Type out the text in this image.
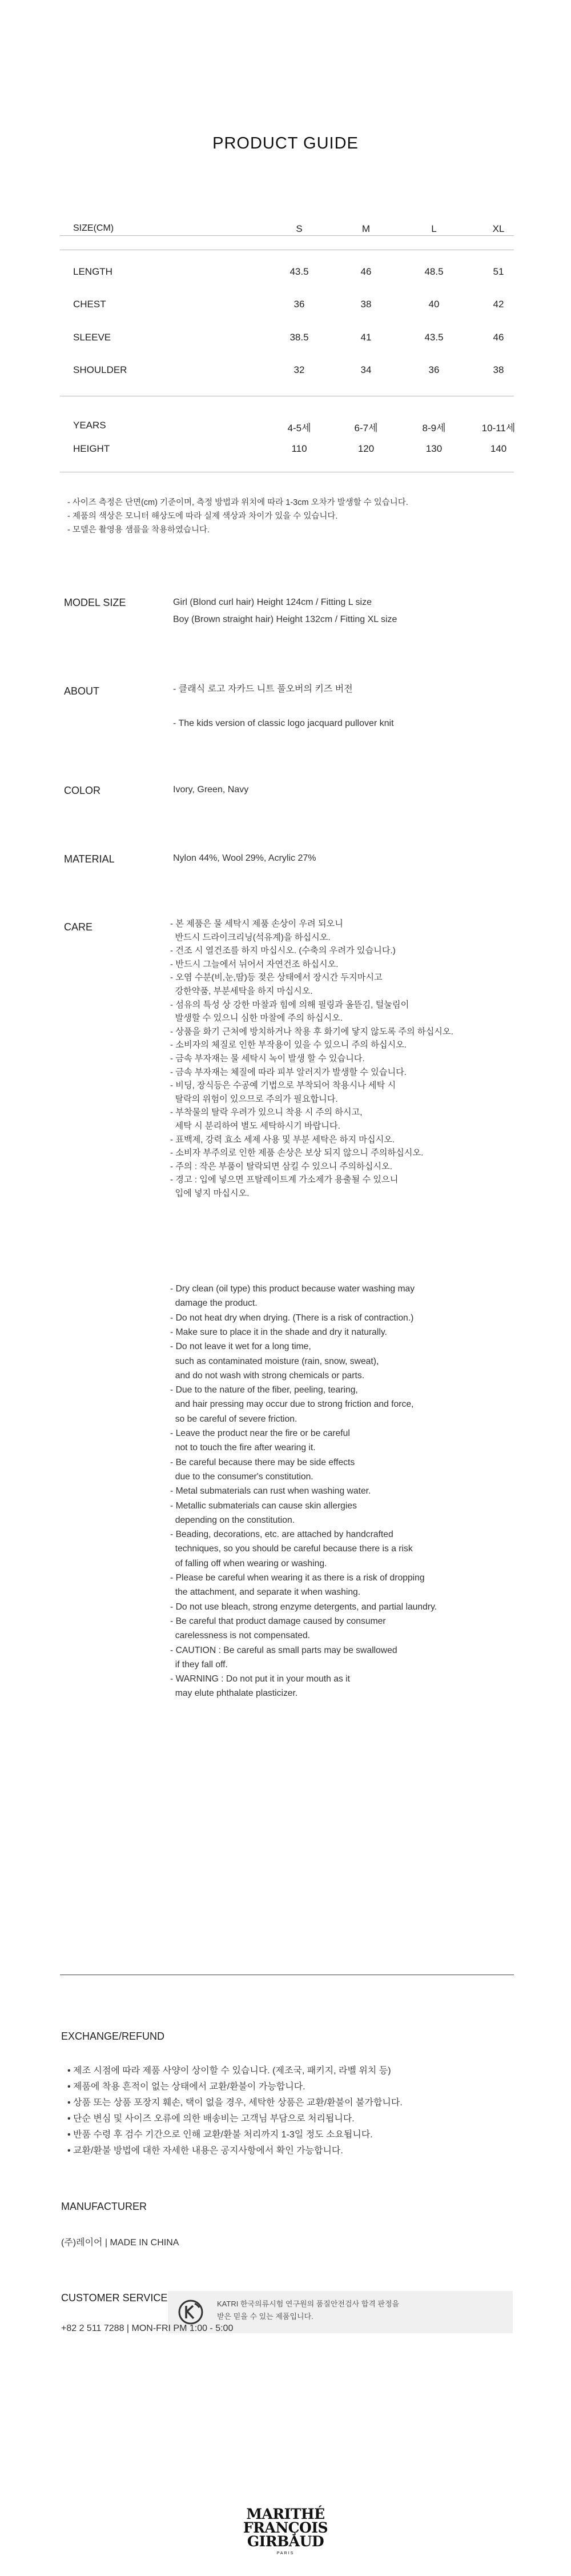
PRODUCT GUIDE
SIZE(CM)	S	M	L	XL
LENGTH	43.5	46	48.5	51
CHEST	36	38	40	42
SLEEVE	38.5	41	43.5	46
SHOULDER	32	34	36	38
YEARS	4-5세	6-7세	8-9세	10-11세
HEIGHT	110	120	130	140
- 사이즈 측정은 단면(cm) 기준이며, 측정 방법과 위치에 따라 1-3cm 오차가 발생할 수 있습니다.
- 제품의 색상은 모니터 해상도에 따라 실제 색상과 차이가 있을 수 있습니다.
- 모델은 촬영용 샘플을 착용하였습니다.
MODEL SIZE	Girl (Blond curl hair) Height 124cm / Fitting L size
Boy (Brown straight hair) Height 132cm / Fitting XL size
ABOUT	- 클래식 로고 자카드 니트 풀오버의 키즈 버전
- The kids version of classic logo jacquard pullover knit
COLOR	Ivory, Green, Navy
MATERIAL	Nylon 44%, Wool 29%, Acrylic 27%
CARE	- 본 제품은 물 세탁시 제품 손상이 우려 되오니
반드시 드라이크리닝(석유계)을 하십시오.
- 건조 시 열건조를 하지 마십시오. (수축의 우려가 있습니다.)
- 반드시 그늘에서 뉘어서 자연건조 하십시오.
- 오염 수분(비,눈,땀)등 젖은 상태에서 장시간 두지마시고
강한약품, 부분세탁을 하지 마십시오.
- 섬유의 특성 상 강한 마찰과 힘에 의해 필링과 올뜯김, 털눌림이
발생할 수 있으니 심한 마찰에 주의 하십시오.
- 상품을 화기 근처에 방치하거나 착용 후 화기에 닿지 않도록 주의 하십시오.
- 소비자의 체질로 인한 부작용이 있을 수 있으니 주의 하십시오.
- 금속 부자재는 물 세탁시 녹이 발생 할 수 있습니다.
- 금속 부자재는 체질에 따라 피부 알러지가 발생할 수 있습니다.
- 비딩, 장식등은 수공예 기법으로 부착되어 착용시나 세탁 시
탈락의 위험이 있으므로 주의가 필요합니다.
- 부착물의 탈락 우려가 있으니 착용 시 주의 하시고,
세탁 시 분리하여 별도 세탁하시기 바랍니다.
- 표백제, 강력 효소 세제 사용 및 부분 세탁은 하지 마십시오.
- 소비자 부주의로 인한 제품 손상은 보상 되지 않으니 주의하십시오.
- 주의 : 작은 부품이 탈락되면 삼킬 수 있으니 주의하십시오.
- 경고 : 입에 넣으면 프탈레이트계 가소제가 용출될 수 있으니
입에 넣지 마십시오.
- Dry clean (oil type) this product because water washing may
damage the product.
- Do not heat dry when drying. (There is a risk of contraction.)
- Make sure to place it in the shade and dry it naturally.
- Do not leave it wet for a long time,
such as contaminated moisture (rain, snow, sweat),
and do not wash with strong chemicals or parts.
- Due to the nature of the fiber, peeling, tearing,
and hair pressing may occur due to strong friction and force,
so be careful of severe friction.
- Leave the product near the fire or be careful
not to touch the fire after wearing it.
- Be careful because there may be side effects
due to the consumer's constitution.
- Metal submaterials can rust when washing water.
- Metallic submaterials can cause skin allergies
depending on the constitution.
- Beading, decorations, etc. are attached by handcrafted
techniques, so you should be careful because there is a risk
of falling off when wearing or washing.
- Please be careful when wearing it as there is a risk of dropping
the attachment, and separate it when washing.
- Do not use bleach, strong enzyme detergents, and partial laundry.
- Be careful that product damage caused by consumer
carelessness is not compensated.
- CAUTION : Be careful as small parts may be swallowed
if they fall off.
- WARNING : Do not put it in your mouth as it
may elute phthalate plasticizer.
KATRI 한국의류시험 연구원의 품질안전검사 합격 판정을
받은 믿을 수 있는 제품입니다.
EXCHANGE/REFUND
• 제조 시점에 따라 제품 사양이 상이할 수 있습니다. (제조국, 패키지, 라벨 위치 등)
• 제품에 착용 흔적이 없는 상태에서 교환/환불이 가능합니다.
• 상품 또는 상품 포장지 훼손, 택이 없을 경우, 세탁한 상품은 교환/환불이 불가합니다.
• 단순 변심 및 사이즈 오류에 의한 배송비는 고객님 부담으로 처리됩니다.
• 반품 수령 후 검수 기간으로 인해 교환/환불 처리까지 1-3일 정도 소요됩니다.
• 교환/환불 방법에 대한 자세한 내용은 공지사항에서 확인 가능합니다.
MANUFACTURER
(주)레이어 | MADE IN CHINA
CUSTOMER SERVICE
+82 2 511 7288 | MON-FRI PM 1:00 - 5:00
MARITHÉ
FRANÇOIS
GIRBAUD
PARIS
